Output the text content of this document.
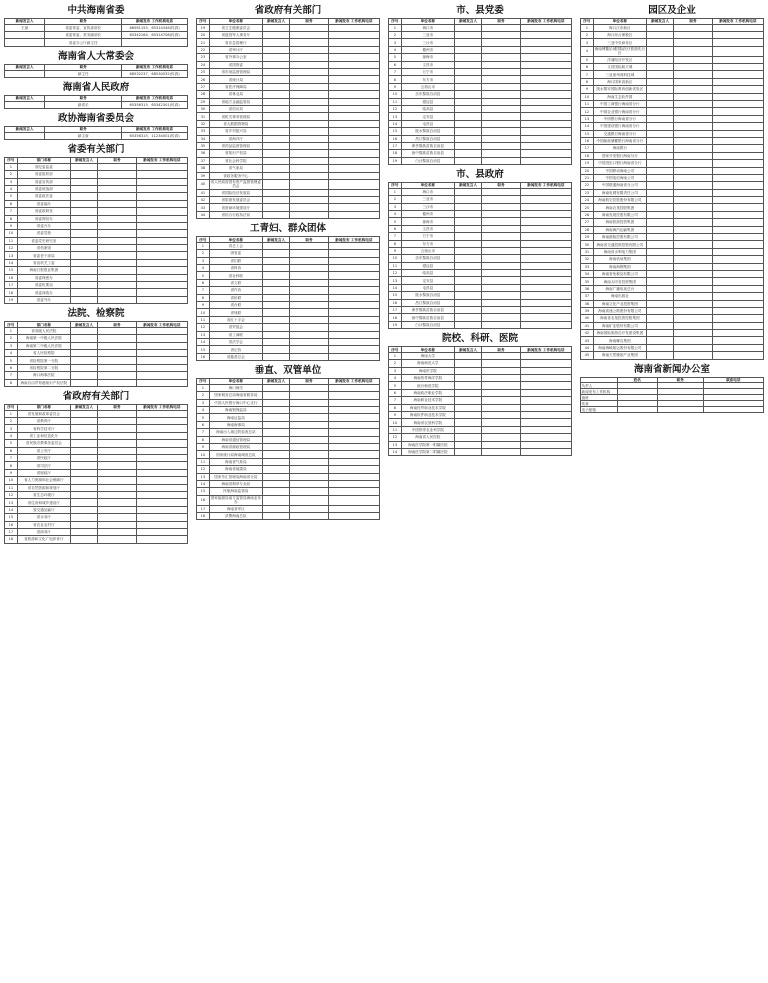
中共海南省委
新闻发言人	职务	新闻发布 工作机构电话
王斌	省委常委、宣传部部长	66561155、65314346(传真)
	省委常委、常务副部长	65342164、65314706(传真)
	省委办公厅副主任	
海南省人大常委会
新闻发言人	职务	新闻发布 工作机构电话
	副主任	68532237、68530032(传真)
海南省人民政府
新闻发言人	职务	新闻发布 工作机构电话
	副省长	65356315、65342301(传真)
政协海南省委员会
新闻发言人	职务	新闻发布 工作机构电话
	副主席	65356315、11234001(传真)
省委有关部门
序号	部门名称	新闻发言人	职务	新闻发布 工作机构电话
1	省纪委监委			
2	省委组织部			
3	省委宣传部			
4	省委统战部			
5	省委政法委			
6	省委编办			
7	省委政研室			
8	省委网信办			
9	省委台办			
10	省委党校			
11	省委党史研究室			
12	省档案馆			
13	省委老干部局			
14	省直机关工委			
15	海南日报报业集团			
16	省委保密办			
17	省委机要局			
18	省委深改办			
19	省委外办			
法院、检察院
序号	部门名称	新闻发言人	职务	新闻发布 工作机构电话
1	省高级人民法院			
2	海南第一中级人民法院			
3	海南第二中级人民法院			
4	省人民检察院			
5	省检察院第一分院			
6	省检察院第二分院			
7	海口海事法院			
8	海南自由贸易港知识产权法院			
省政府有关部门
序号	部门名称	新闻发言人	职务	新闻发布 工作机构电话
1	省发展和改革委员会			
2	省教育厅			
3	省科学技术厅			
4	省工业和信息化厅			
5	省民族宗教事务委员会			
6	省公安厅			
7	省民政厅			
8	省司法厅			
9	省财政厅			
10	省人力资源和社会保障厅			
11	省自然资源和规划厅			
12	省生态环境厅			
13	省住房和城乡建设厅			
14	省交通运输厅			
15	省水务厅			
16	省农业农村厅			
17	省商务厅			
18	省旅游和文化广电体育厅			
省政府有关部门
序号	单位名称	新闻发言人	职务	新闻发布 工作机构电话
19	省卫生健康委员会			
20	省退役军人事务厅			
21	省应急管理厅			
22	省审计厅			
23	省外事办公室			
24	省国资委			
25	省市场监督管理局			
26	省统计局			
27	省医疗保障局			
28	省林业局			
29	省地方金融监管局			
30	省信访局			
31	省机关事务管理局			
32	省大数据管理局			
33	省乡村振兴局			
34	省海洋厅			
35	省药品监督管理局			
36	省知识产权局			
37	省社会科学院			
38	省气象局			
39	省政务服务中心			
40	省人民政府国有资产监督管理委员会			
41	省国际经济发展局			
42	省旅游发展委员会			
43	省营商环境建设厅			
44	省综合行政执法局			
工青妇、群众团体
序号	单位名称	新闻发言人	职务	新闻发布 工作机构电话
1	省总工会			
2	团省委			
3	省妇联			
4	省科协			
5	省社科联			
6	省文联			
7	省作协			
8	省侨联			
9	省台联			
10	省残联			
11	省红十字会			
12	省贸促会			
13	省工商联			
14	省法学会			
15	省记协			
16	省慈善总会			
垂直、双管单位
序号	单位名称	新闻发言人	职务	新闻发布 工作机构电话
1	海口海关			
2	国家税务总局海南省税务局			
3	中国人民银行海口中心支行			
4	海南银保监局			
5	海南证监局			
6	海南海事局			
7	海南出入境边防检查总站			
8	海南省通信管理局			
9	海南省邮政管理局			
10	国家统计局海南调查总队			
11	海南省气象局			
12	海南省地震局			
13	国家外汇管理局海南省分局			
14	海南省烟草专卖局			
15	民航海南监管局			
16	国家能源局南方监管局海南业务办			
17	海南省军区			
18	武警海南总队			
市、县党委
序号	单位名称	新闻发言人	职务	新闻发布 工作机构电话
1	海口市			
2	三亚市			
3	三沙市			
4	儋州市			
5	琼海市			
6	文昌市			
7	万宁市			
8	东方市			
9	五指山市			
10	乐东黎族自治县			
11	澄迈县			
12	临高县			
13	定安县			
14	屯昌县			
15	陵水黎族自治县			
16	昌江黎族自治县			
17	保亭黎族苗族自治县			
18	琼中黎族苗族自治县			
19	白沙黎族自治县			
市、县政府
序号	单位名称	新闻发言人	职务	新闻发布 工作机构电话
1	海口市			
2	三亚市			
3	三沙市			
4	儋州市			
5	琼海市			
6	文昌市			
7	万宁市			
8	东方市			
9	五指山市			
10	乐东黎族自治县			
11	澄迈县			
12	临高县			
13	定安县			
14	屯昌县			
15	陵水黎族自治县			
16	昌江黎族自治县			
17	保亭黎族苗族自治县			
18	琼中黎族苗族自治县			
19	白沙黎族自治县			
院校、科研、医院
序号	单位名称	新闻发言人	职务	新闻发布 工作机构电话
1	海南大学			
2	海南师范大学			
3	海南医学院			
4	海南热带海洋学院			
5	琼台师范学院			
6	海南政法职业学院			
7	海南职业技术学院			
8	海南经贸职业技术学院			
9	海南软件职业技术学院			
10	海南省农垦科学院			
11	中国热带农业科学院			
12	海南省人民医院			
13	海南医学院第一附属医院			
14	海南医学院第二附属医院			
园区及企业
序号	单位名称	新闻发言人	职务	新闻发布 工作机构电话
1	海口江东新区			
2	海口综合保税区			
3	三亚中央商务区			
4	海南博鳌乐城国际医疗旅游先行区			
5	洋浦经济开发区			
6	文昌国际航天城			
7	三亚崖州湾科技城			
8	海口国家高新区			
9	陵水黎安国际教育创新试验区			
10	海南生态软件园			
11	中国工商银行海南省分行			
12	中国农业银行海南省分行			
13	中国银行海南省分行			
14	中国建设银行海南省分行			
15	交通银行海南省分行			
16	中国邮政储蓄银行海南省分行			
17	海南银行			
18	国家开发银行海南分行			
19	中国进出口银行海南省分行			
20	中国移动海南公司			
21	中国电信海南公司			
22	中国联通海南省分公司			
23	海南电网有限责任公司			
24	海南航空控股股份有限公司			
25	海南农垦控股集团			
26	海南发展控股有限公司			
27	海南旅游投资集团			
28	海南海汽运输集团			
29	海南港航控股有限公司			
30	海南省交通投资控股有限公司			
31	海南省水利电力集团			
32	海南机场集团			
33	海南海钢集团			
34	海南省免税品有限公司			
35	海南大印务投资集团			
36	海南广播电视总台			
37	海南出版社			
38	海南文化产业投资集团			
39	海南高速公路股份有限公司			
40	海南省农垦投资控股集团			
41	海南矿业股份有限公司			
42	海南国际旅游岛开发建设集团			
43	海南椰岛集团			
44	海南海峡航运股份有限公司			
45	海南天然橡胶产业集团			
海南省新闻办公室
	姓名	职务	联系电话
负责人			
新闻发布工作机构			
值班			
传真			
电子邮箱			
